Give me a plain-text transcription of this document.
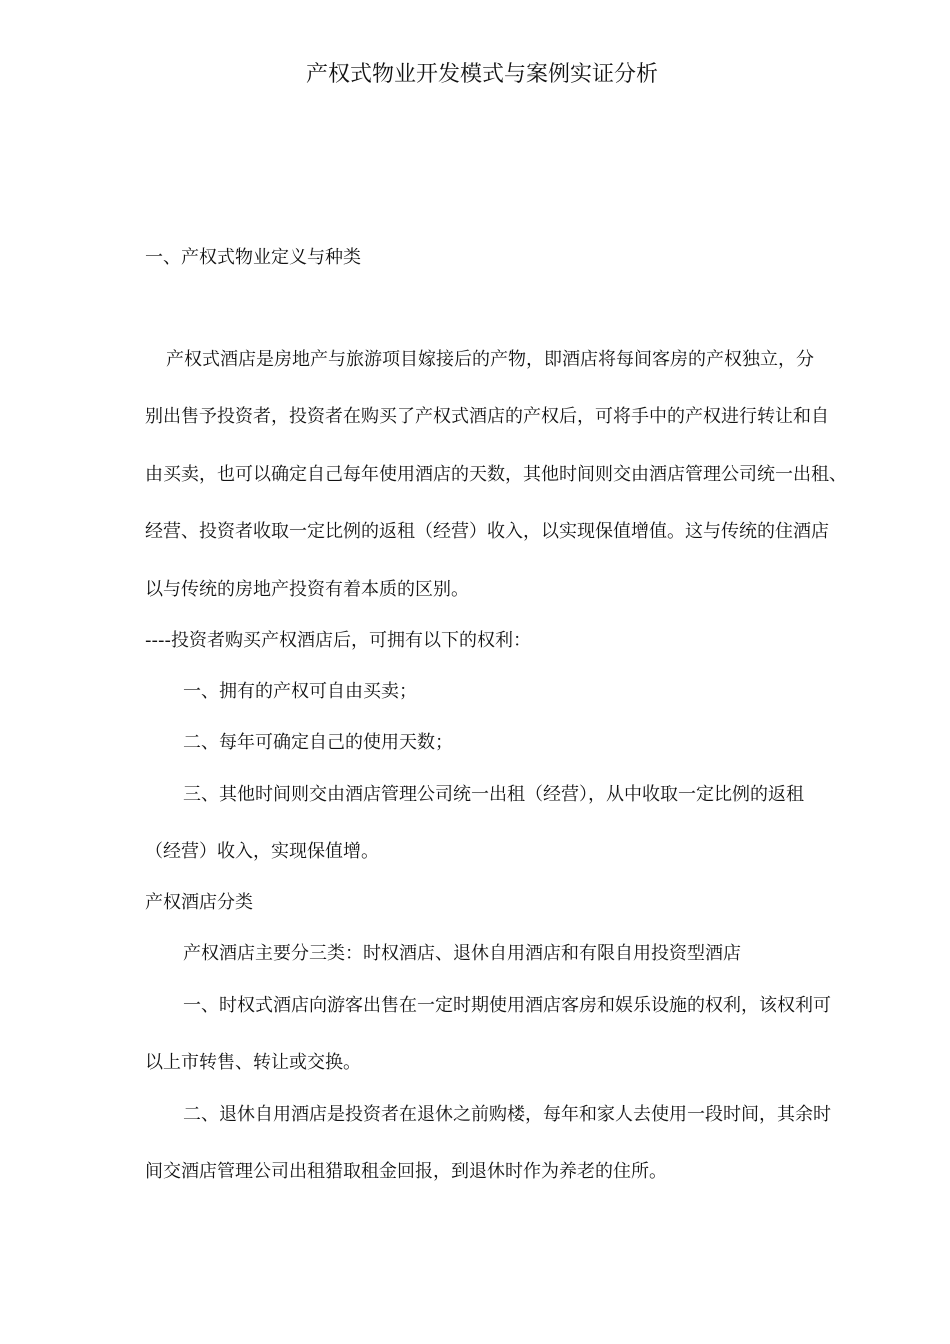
产权式物业开发模式与案例实证分析
一、产权式物业定义与种类
产权式酒店是房地产与旅游项目嫁接后的产物，即酒店将每间客房的产权独立，分
别出售予投资者，投资者在购买了产权式酒店的产权后，可将手中的产权进行转让和自
由买卖，也可以确定自己每年使用酒店的天数，其他时间则交由酒店管理公司统一出租、
经营、投资者收取一定比例的返租（经营）收入，以实现保值增值。这与传统的住酒店
以与传统的房地产投资有着本质的区别。
----投资者购买产权酒店后，可拥有以下的权利：
一、拥有的产权可自由买卖；
二、每年可确定自己的使用天数；
三、其他时间则交由酒店管理公司统一出租（经营），从中收取一定比例的返租
（经营）收入，实现保值增。
产权酒店分类
产权酒店主要分三类：时权酒店、退休自用酒店和有限自用投资型酒店
一、时权式酒店向游客出售在一定时期使用酒店客房和娱乐设施的权利，该权利可
以上市转售、转让或交换。
二、退休自用酒店是投资者在退休之前购楼，每年和家人去使用一段时间，其余时
间交酒店管理公司出租猎取租金回报，到退休时作为养老的住所。
